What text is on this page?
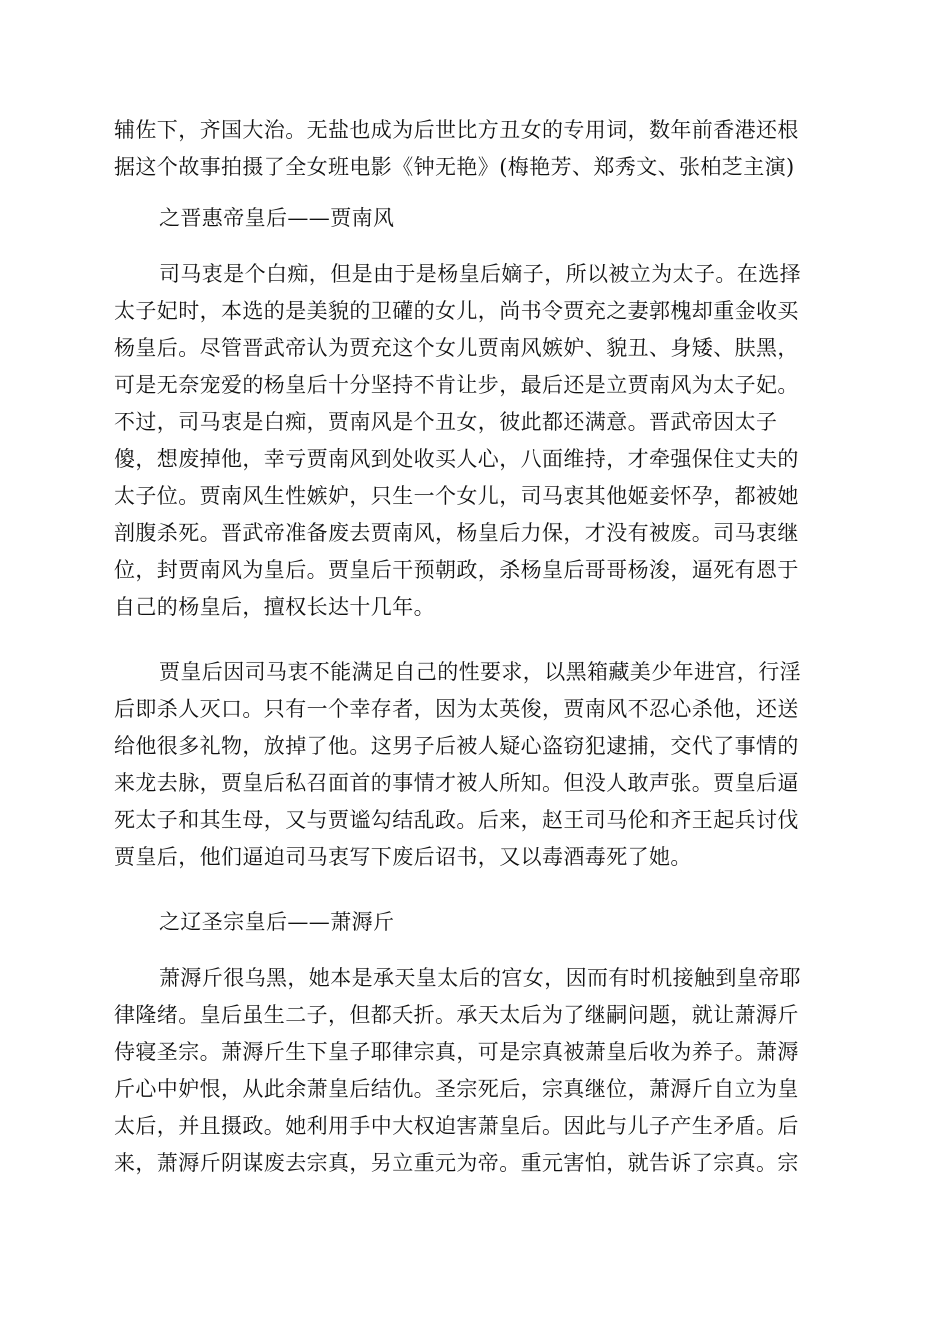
辅佐下，齐国大治。无盐也成为后世比方丑女的专用词，数年前香港还根
据这个故事拍摄了全女班电影《钟无艳》(梅艳芳、郑秀文、张柏芝主演)
之晋惠帝皇后——贾南风
司马衷是个白痴，但是由于是杨皇后嫡子，所以被立为太子。在选择
太子妃时，本选的是美貌的卫礶的女儿，尚书令贾充之妻郭槐却重金收买
杨皇后。尽管晋武帝认为贾充这个女儿贾南风嫉妒、貌丑、身矮、肤黑，
可是无奈宠爱的杨皇后十分坚持不肯让步，最后还是立贾南风为太子妃。
不过，司马衷是白痴，贾南风是个丑女，彼此都还满意。晋武帝因太子
傻，想废掉他，幸亏贾南风到处收买人心，八面维持，才牵强保住丈夫的
太子位。贾南风生性嫉妒，只生一个女儿，司马衷其他姬妾怀孕，都被她
剖腹杀死。晋武帝准备废去贾南风，杨皇后力保，才没有被废。司马衷继
位，封贾南风为皇后。贾皇后干预朝政，杀杨皇后哥哥杨浚，逼死有恩于
自己的杨皇后，擅权长达十几年。
贾皇后因司马衷不能满足自己的性要求，以黑箱藏美少年进宫，行淫
后即杀人灭口。只有一个幸存者，因为太英俊，贾南风不忍心杀他，还送
给他很多礼物，放掉了他。这男子后被人疑心盗窃犯逮捕，交代了事情的
来龙去脉，贾皇后私召面首的事情才被人所知。但没人敢声张。贾皇后逼
死太子和其生母，又与贾谧勾结乱政。后来，赵王司马伦和齐王起兵讨伐
贾皇后，他们逼迫司马衷写下废后诏书，又以毒酒毒死了她。
之辽圣宗皇后——萧溽斤
萧溽斤很乌黑，她本是承天皇太后的宫女，因而有时机接触到皇帝耶
律隆绪。皇后虽生二子，但都夭折。承天太后为了继嗣问题，就让萧溽斤
侍寝圣宗。萧溽斤生下皇子耶律宗真，可是宗真被萧皇后收为养子。萧溽
斤心中妒恨，从此余萧皇后结仇。圣宗死后，宗真继位，萧溽斤自立为皇
太后，并且摄政。她利用手中大权迫害萧皇后。因此与儿子产生矛盾。后
来，萧溽斤阴谋废去宗真，另立重元为帝。重元害怕，就告诉了宗真。宗
